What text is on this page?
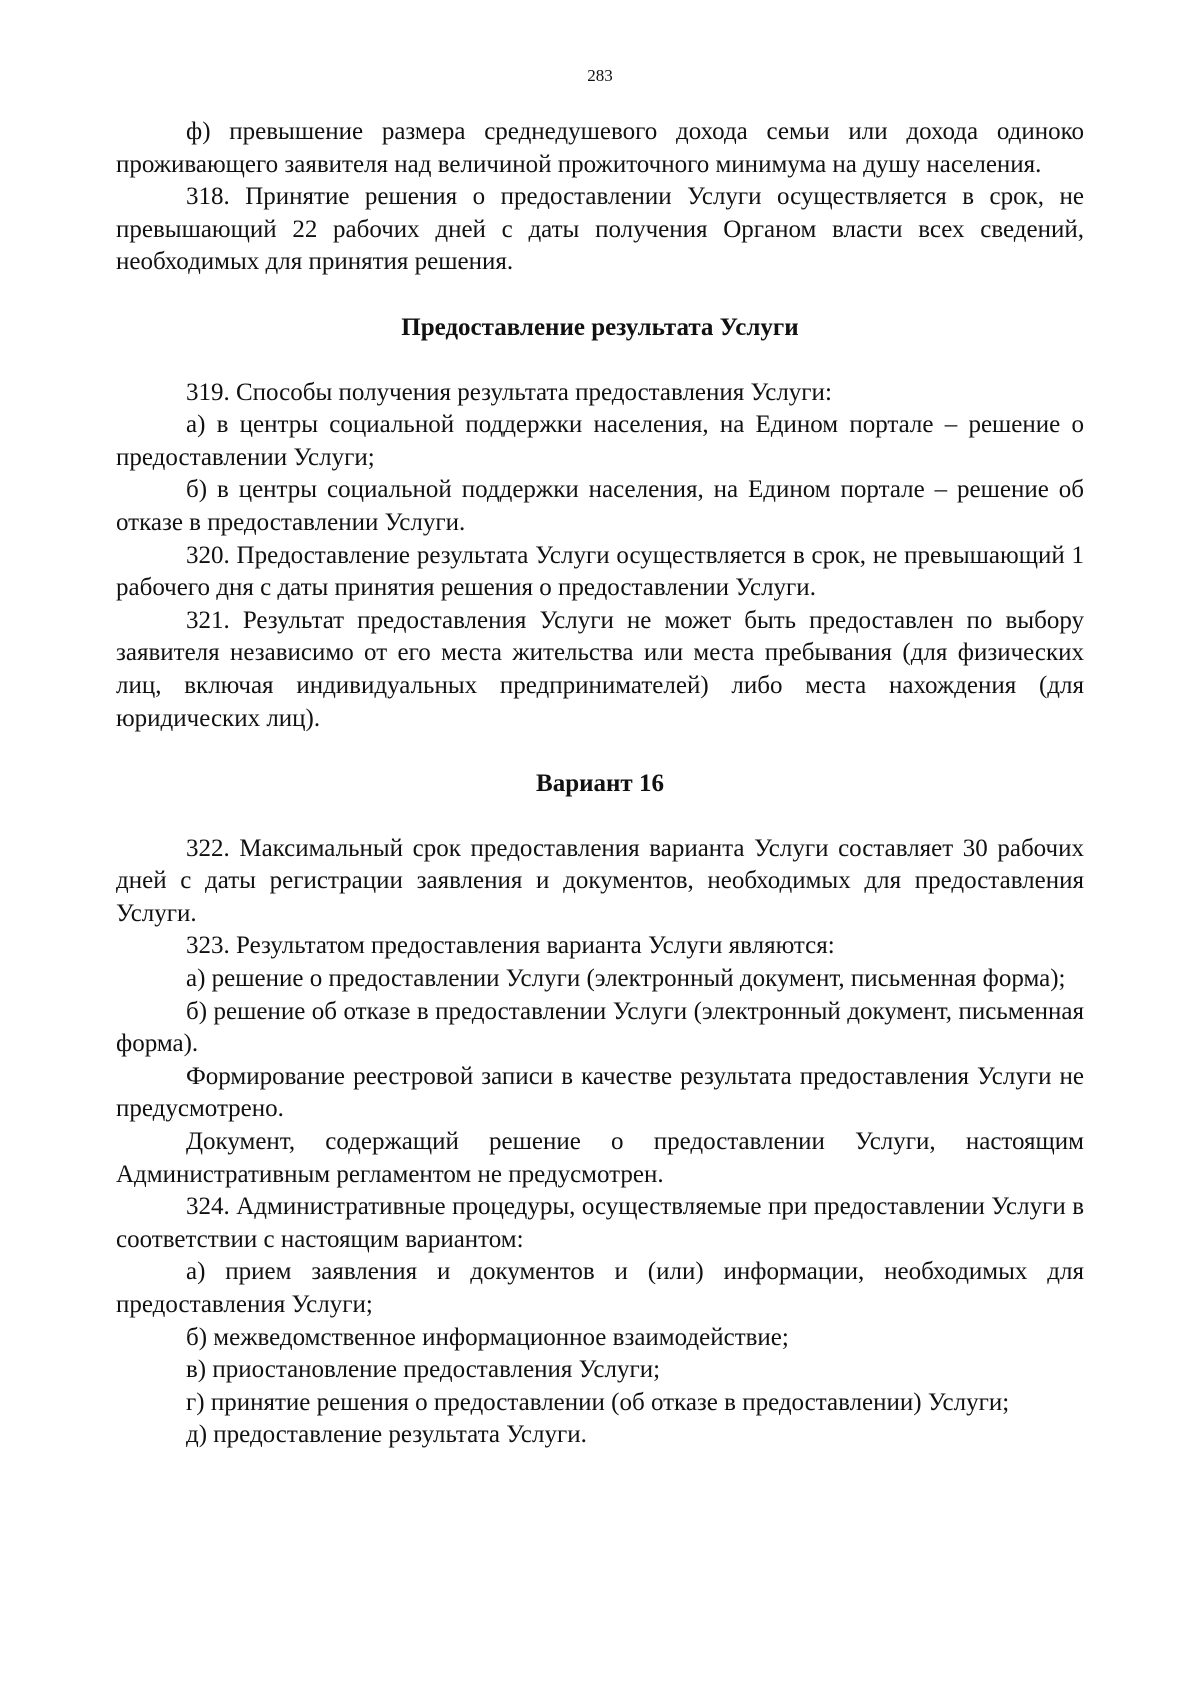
283

ф) превышение размера среднедушевого дохода семьи или дохода одиноко проживающего заявителя над величиной прожиточного минимума на душу населения.

318. Принятие решения о предоставлении Услуги осуществляется в срок, не превышающий 22 рабочих дней с даты получения Органом власти всех сведений, необходимых для принятия решения.

Предоставление результата Услуги

319. Способы получения результата предоставления Услуги:

а) в центры социальной поддержки населения, на Едином портале – решение о предоставлении Услуги;

б) в центры социальной поддержки населения, на Едином портале – решение об отказе в предоставлении Услуги.

320. Предоставление результата Услуги осуществляется в срок, не превышающий 1 рабочего дня с даты принятия решения о предоставлении Услуги.

321. Результат предоставления Услуги не может быть предоставлен по выбору заявителя независимо от его места жительства или места пребывания (для физических лиц, включая индивидуальных предпринимателей) либо места нахождения (для юридических лиц).

Вариант 16

322. Максимальный срок предоставления варианта Услуги составляет 30 рабочих дней с даты регистрации заявления и документов, необходимых для предоставления Услуги.

323. Результатом предоставления варианта Услуги являются:

а) решение о предоставлении Услуги (электронный документ, письменная форма);

б) решение об отказе в предоставлении Услуги (электронный документ, письменная форма).

Формирование реестровой записи в качестве результата предоставления Услуги не предусмотрено.

Документ, содержащий решение о предоставлении Услуги, настоящим Административным регламентом не предусмотрен.

324. Административные процедуры, осуществляемые при предоставлении Услуги в соответствии с настоящим вариантом:

а) прием заявления и документов и (или) информации, необходимых для предоставления Услуги;

б) межведомственное информационное взаимодействие;

в) приостановление предоставления Услуги;

г) принятие решения о предоставлении (об отказе в предоставлении) Услуги;

д) предоставление результата Услуги.
